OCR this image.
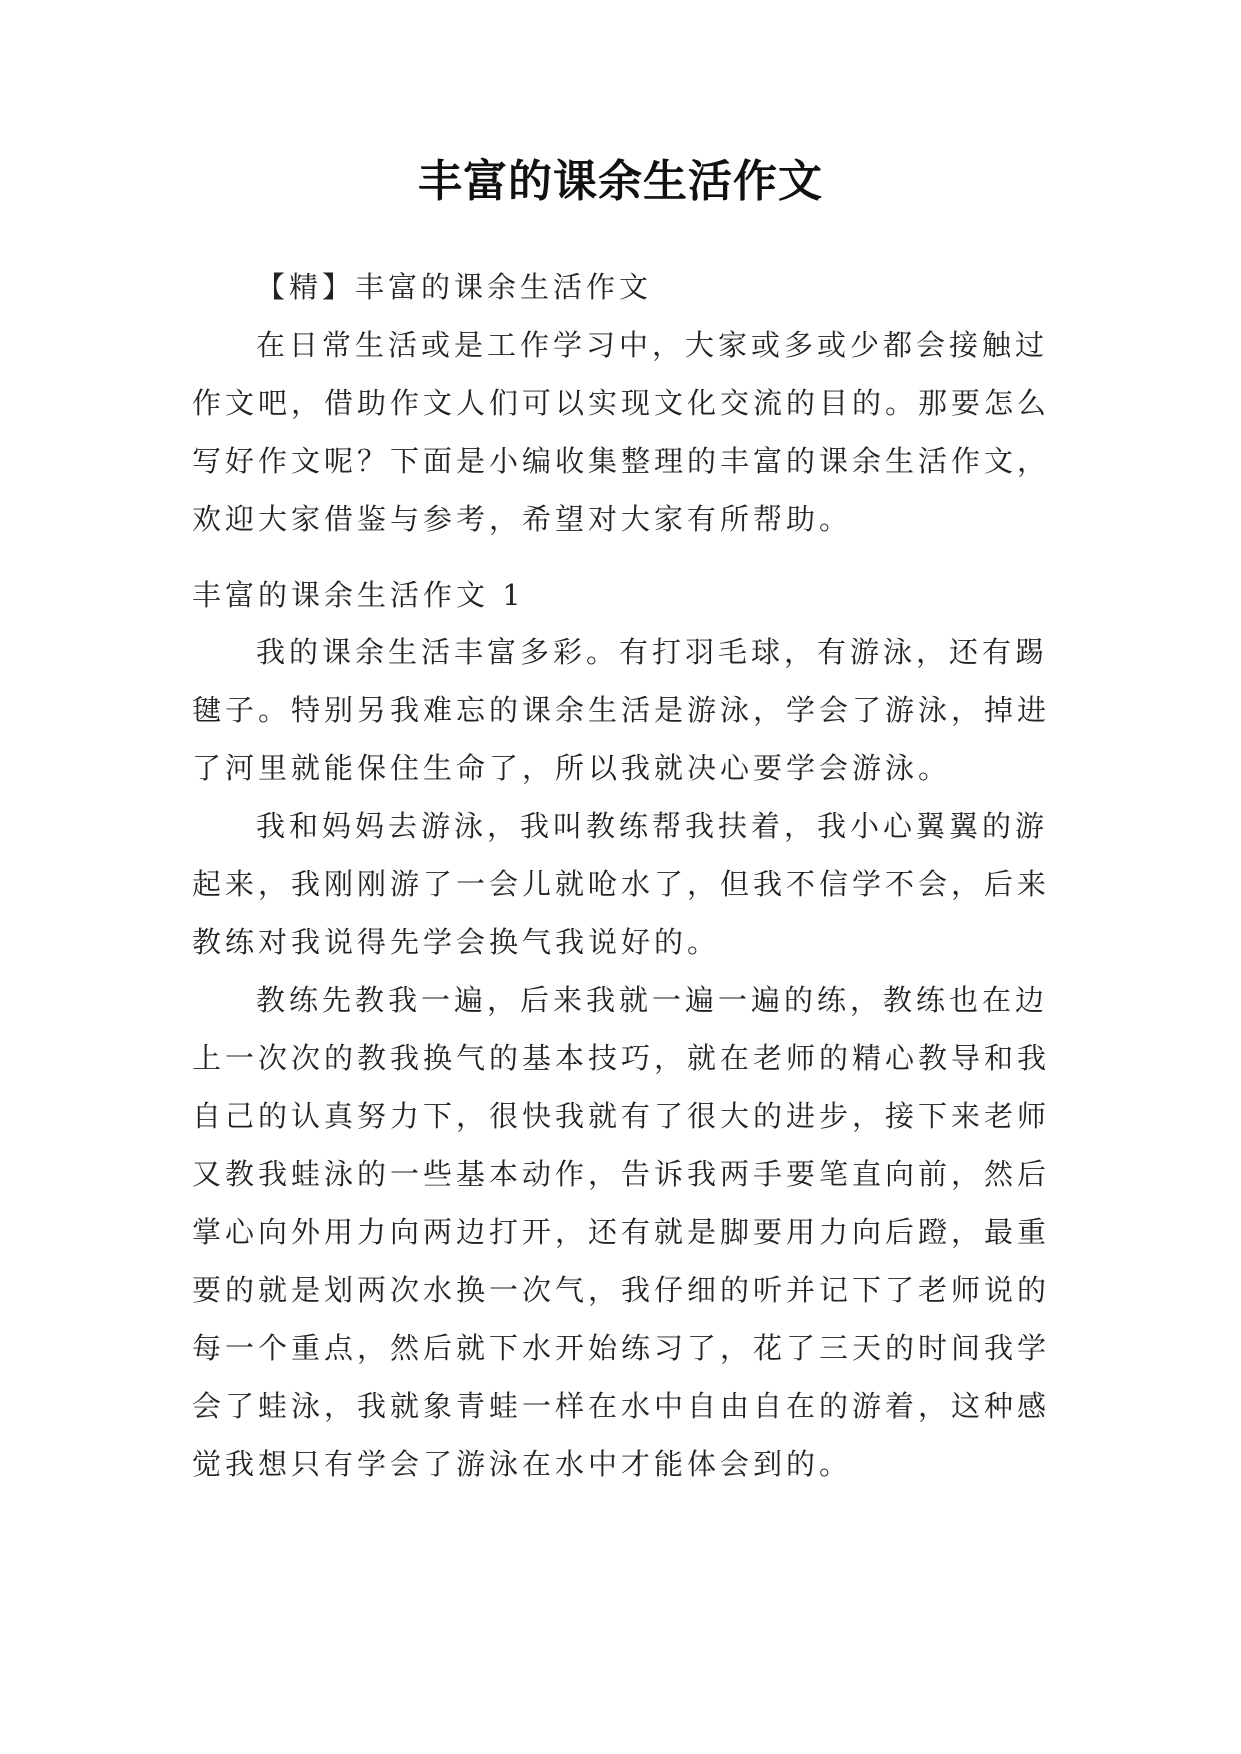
丰富的课余生活作文
【精】丰富的课余生活作文
在日常生活或是工作学习中，大家或多或少都会接触过
作文吧，借助作文人们可以实现文化交流的目的。那要怎么
写好作文呢？下面是小编收集整理的丰富的课余生活作文，
欢迎大家借鉴与参考，希望对大家有所帮助。
丰富的课余生活作文 1
我的课余生活丰富多彩。有打羽毛球，有游泳，还有踢
毽子。特别另我难忘的课余生活是游泳，学会了游泳，掉进
了河里就能保住生命了，所以我就决心要学会游泳。
我和妈妈去游泳，我叫教练帮我扶着，我小心翼翼的游
起来，我刚刚游了一会儿就呛水了，但我不信学不会，后来
教练对我说得先学会换气我说好的。
教练先教我一遍，后来我就一遍一遍的练，教练也在边
上一次次的教我换气的基本技巧，就在老师的精心教导和我
自己的认真努力下，很快我就有了很大的进步，接下来老师
又教我蛙泳的一些基本动作，告诉我两手要笔直向前，然后
掌心向外用力向两边打开，还有就是脚要用力向后蹬，最重
要的就是划两次水换一次气，我仔细的听并记下了老师说的
每一个重点，然后就下水开始练习了，花了三天的时间我学
会了蛙泳，我就象青蛙一样在水中自由自在的游着，这种感
觉我想只有学会了游泳在水中才能体会到的。
